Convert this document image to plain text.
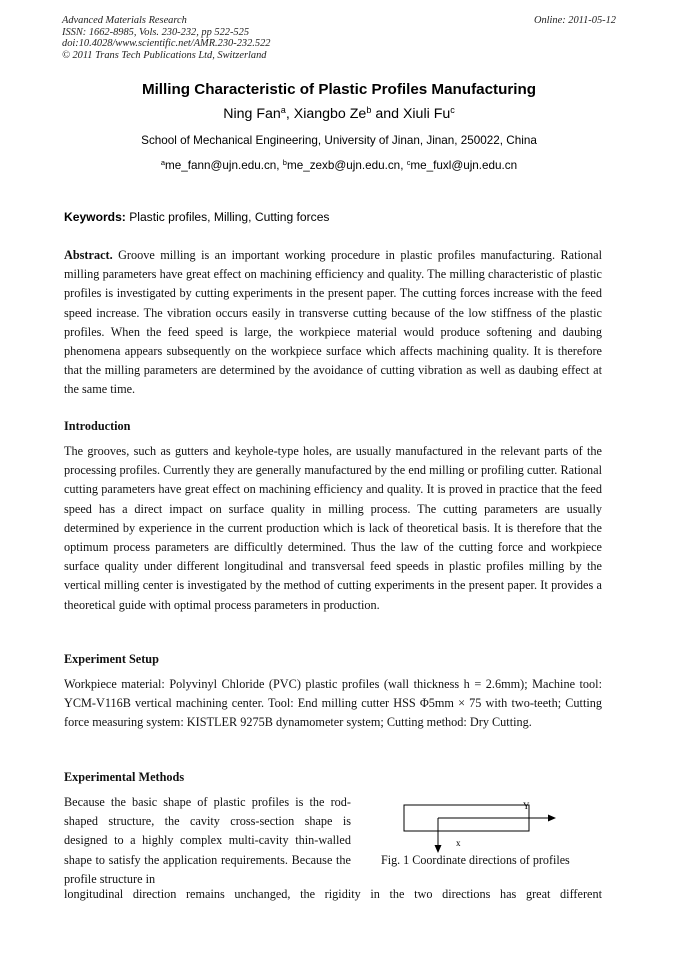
Advanced Materials Research	Online: 2011-05-12
ISSN: 1662-8985, Vols. 230-232, pp 522-525
doi:10.4028/www.scientific.net/AMR.230-232.522
© 2011 Trans Tech Publications Ltd, Switzerland
Milling Characteristic of Plastic Profiles Manufacturing
Ning Fan$^a$, Xiangbo Ze$^b$ and Xiuli Fu$^c$
School of Mechanical Engineering, University of Jinan, Jinan, 250022, China
$^a$me_fann@ujn.edu.cn, $^b$me_zexb@ujn.edu.cn, $^c$me_fuxl@ujn.edu.cn
Keywords: Plastic profiles, Milling, Cutting forces
Abstract. Groove milling is an important working procedure in plastic profiles manufacturing. Rational milling parameters have great effect on machining efficiency and quality. The milling characteristic of plastic profiles is investigated by cutting experiments in the present paper. The cutting forces increase with the feed speed increase. The vibration occurs easily in transverse cutting because of the low stiffness of the plastic profiles. When the feed speed is large, the workpiece material would produce softening and daubing phenomena appears subsequently on the workpiece surface which affects machining quality. It is therefore that the milling parameters are determined by the avoidance of cutting vibration as well as daubing effect at the same time.
Introduction
The grooves, such as gutters and keyhole-type holes, are usually manufactured in the relevant parts of the processing profiles. Currently they are generally manufactured by the end milling or profiling cutter. Rational cutting parameters have great effect on machining efficiency and quality. It is proved in practice that the feed speed has a direct impact on surface quality in milling process. The cutting parameters are usually determined by experience in the current production which is lack of theoretical basis. It is therefore that the optimum process parameters are difficultly determined. Thus the law of the cutting force and workpiece surface quality under different longitudinal and transversal feed speeds in plastic profiles milling by the vertical milling center is investigated by the method of cutting experiments in the present paper. It provides a theoretical guide with optimal process parameters in production.
Experiment Setup
Workpiece material: Polyvinyl Chloride (PVC) plastic profiles (wall thickness h = 2.6mm); Machine tool: YCM-V116B vertical machining center. Tool: End milling cutter HSS Φ5mm × 75 with two-teeth; Cutting force measuring system: KISTLER 9275B dynamometer system; Cutting method: Dry Cutting.
Experimental Methods
Because the basic shape of plastic profiles is the rod-shaped structure, the cavity cross-section shape is designed to a highly complex multi-cavity thin-walled shape to satisfy the application requirements. Because the profile structure in
longitudinal direction remains unchanged, the rigidity in the two directions has great different
Y
x
Fig. 1 Coordinate directions of profiles
